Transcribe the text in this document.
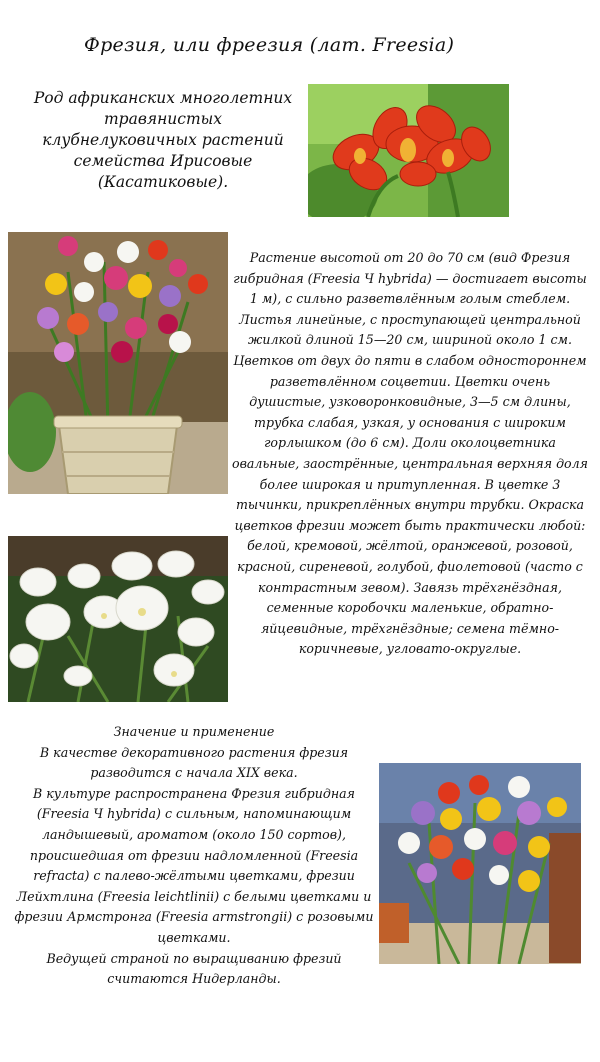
Фрезия, или фреезия (лат. Freesia)
Род африканских многолетних травянистых клубнелуковичных растений семейства Ирисовые (Касатиковые).
Растение высотой от 20 до 70 см (вид Фрезия гибридная (Freesia Ч hybrida) — достигает высоты 1 м), с сильно разветвлённым голым стеблем. Листья линейные, с проступающей центральной жилкой длиной 15—20 см, шириной около 1 см. Цветков от двух до пяти в слабом одностороннем разветвлённом соцветии. Цветки очень душистые, узковоронковидные, 3—5 см длины, трубка слабая, узкая, у основания с широким горлышком (до 6 см). Доли околоцветника овальные, заострённые, центральная верхняя доля более широкая и притупленная. В цветке 3 тычинки, прикреплённых внутри трубки. Окраска цветков фрезии может быть практически любой: белой, кремовой, жёлтой, оранжевой, розовой, красной, сиреневой, голубой, фиолетовой (часто с контрастным зевом). Завязь трёхгнёздная, семенные коробочки маленькие, обратно-яйцевидные, трёхгнёздные; семена тёмно-коричневые, угловато-округлые.

Значение и применение

В качестве декоративного растения фрезия разводится с начала XIX века.

В культуре распространена Фрезия гибридная (Freesia Ч hybrida) с сильным, напоминающим ландышевый, ароматом (около 150 сортов), происшедшая от фрезии надломленной (Freesia refracta) с палево-жёлтыми цветками, фрезии Лейхтлина (Freesia leichtlinii) с белыми цветками и фрезии Армстронга (Freesia armstrongii) с розовыми цветками.

Ведущей страной по выращиванию фрезий считаются Нидерланды.
